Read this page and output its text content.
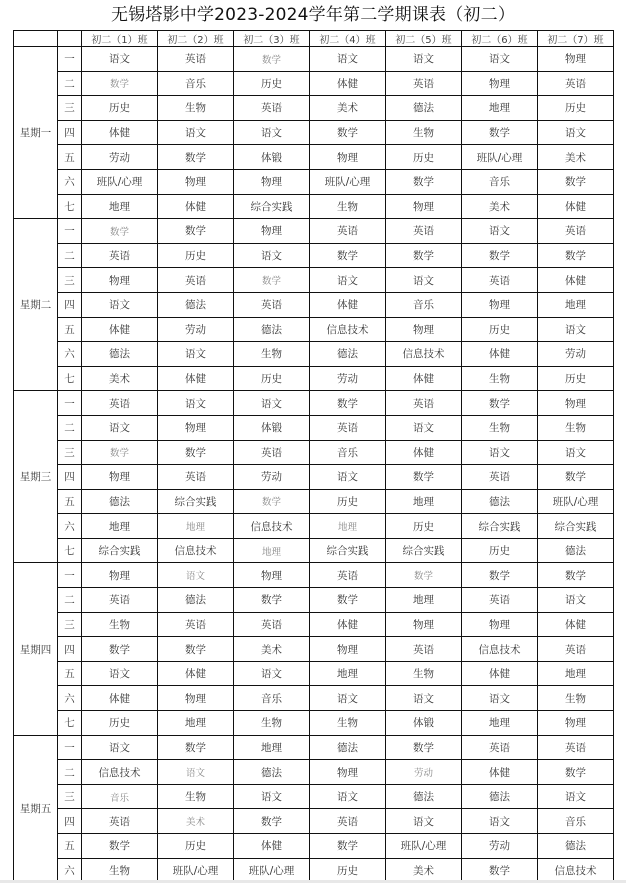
无锡塔影中学2023-2024学年第二学期课表（初二）
		初二（1）班	初二（2）班	初二（3）班	初二（4）班	初二（5）班	初二（6）班	初二（7）班
星期一	一	语文	英语	数学	语文	语文	语文	物理
	二	数学	音乐	历史	体健	英语	物理	英语
	三	历史	生物	英语	美术	德法	地理	历史
	四	体健	语文	语文	数学	生物	数学	语文
	五	劳动	数学	体锻	物理	历史	班队/心理	美术
	六	班队/心理	物理	物理	班队/心理	数学	音乐	数学
	七	地理	体健	综合实践	生物	物理	美术	体健
星期二	一	数学	数学	物理	英语	英语	语文	英语
	二	英语	历史	语文	数学	数学	数学	数学
	三	物理	英语	数学	语文	语文	英语	体健
	四	语文	德法	英语	体健	音乐	物理	地理
	五	体健	劳动	德法	信息技术	物理	历史	语文
	六	德法	语文	生物	德法	信息技术	体健	劳动
	七	美术	体健	历史	劳动	体健	生物	历史
星期三	一	英语	语文	语文	数学	英语	数学	物理
	二	语文	物理	体锻	英语	语文	生物	生物
	三	数学	数学	英语	音乐	体健	语文	语文
	四	物理	英语	劳动	语文	数学	英语	数学
	五	德法	综合实践	数学	历史	地理	德法	班队/心理
	六	地理	地理	信息技术	地理	历史	综合实践	综合实践
	七	综合实践	信息技术	地理	综合实践	综合实践	历史	德法
星期四	一	物理	语文	物理	英语	数学	数学	数学
	二	英语	德法	数学	数学	地理	英语	语文
	三	生物	英语	英语	体健	物理	物理	体健
	四	数学	数学	美术	物理	英语	信息技术	英语
	五	语文	体健	语文	地理	生物	体健	地理
	六	体健	物理	音乐	语文	语文	语文	生物
	七	历史	地理	生物	生物	体锻	地理	物理
星期五	一	语文	数学	地理	德法	数学	英语	英语
	二	信息技术	语文	德法	物理	劳动	体健	数学
	三	音乐	生物	语文	语文	德法	德法	语文
	四	英语	美术	数学	英语	语文	语文	音乐
	五	数学	历史	体健	数学	班队/心理	劳动	德法
	六	生物	班队/心理	班队/心理	历史	美术	数学	信息技术
